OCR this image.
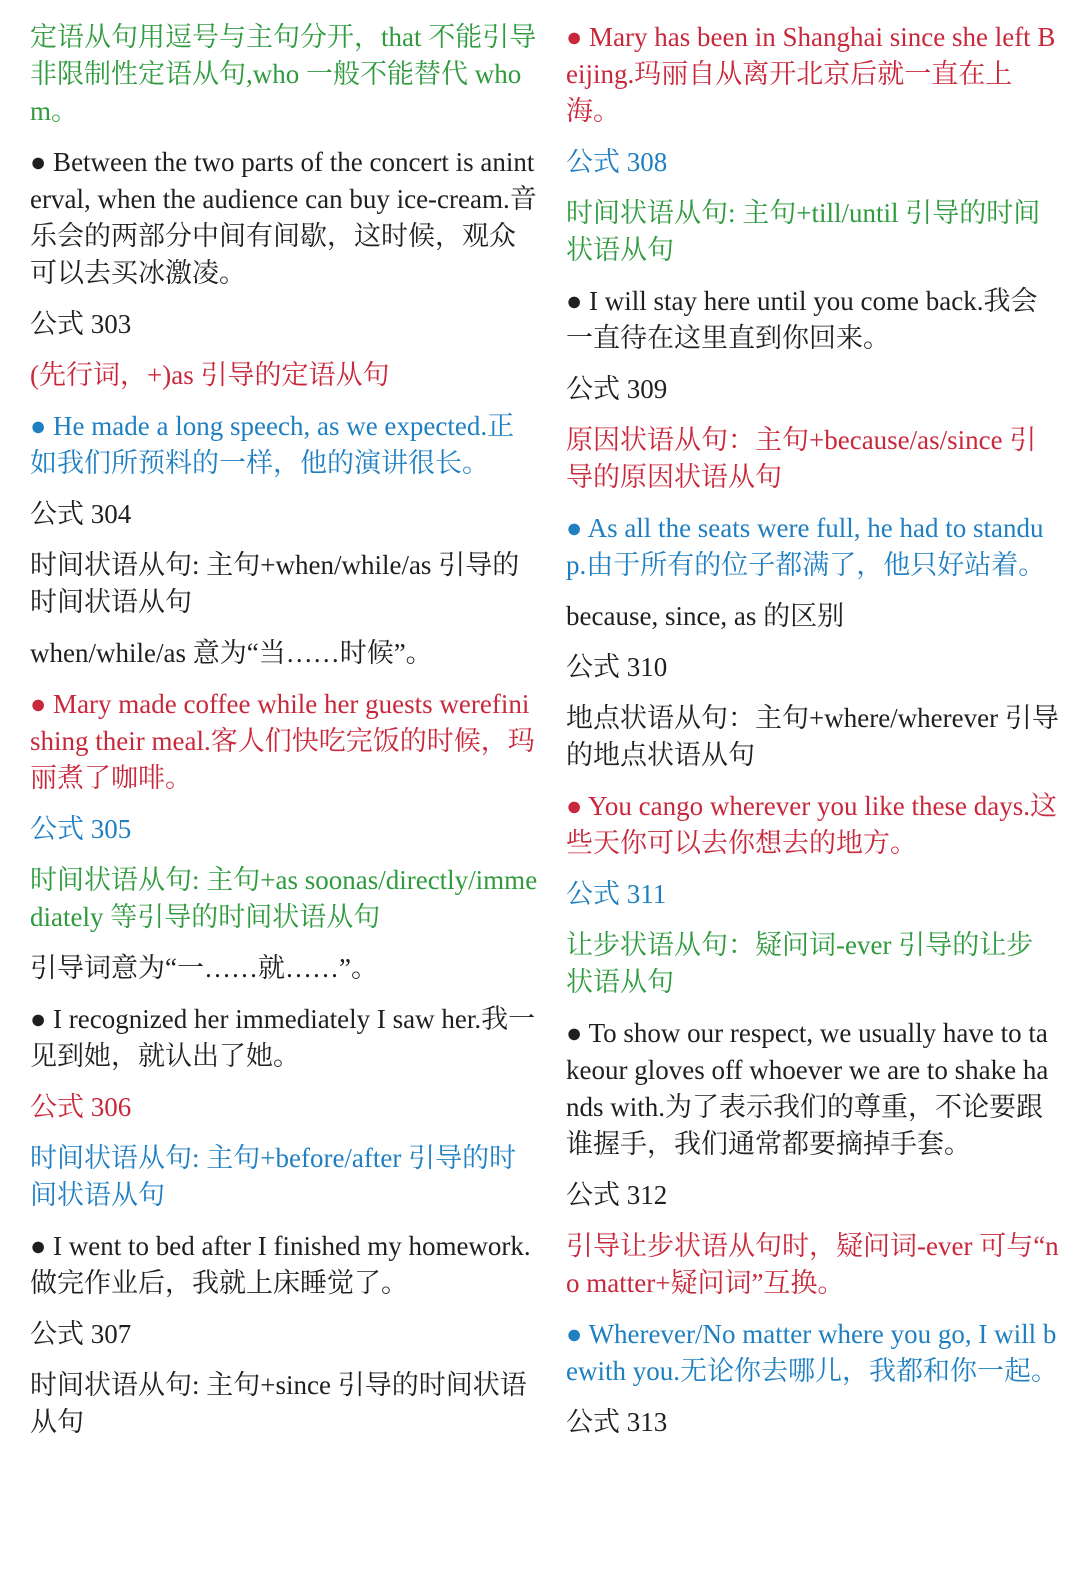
定语从句用逗号与主句分开，that 不能引导非限制性定语从句,who 一般不能替代 whom。

● Between the two parts of the concert is aninterval, when the audience can buy ice-cream.音乐会的两部分中间有间歇，这时候，观众可以去买冰激凌。

公式 303

(先行词，+)as 引导的定语从句

● He made a long speech, as we expected.正如我们所预料的一样，他的演讲很长。

公式 304

时间状语从句: 主句+when/while/as 引导的时间状语从句

when/while/as 意为“当……时候”。

● Mary made coffee while her guests werefinishing their meal.客人们快吃完饭的时候，玛丽煮了咖啡。

公式 305

时间状语从句: 主句+as soonas/directly/immediately 等引导的时间状语从句

引导词意为“一……就……”。

● I recognized her immediately I saw her.我一见到她，就认出了她。

公式 306

时间状语从句: 主句+before/after 引导的时间状语从句

● I went to bed after I finished my homework.做完作业后，我就上床睡觉了。

公式 307

时间状语从句: 主句+since 引导的时间状语从句

● Mary has been in Shanghai since she left Beijing.玛丽自从离开北京后就一直在上海。

公式 308

时间状语从句: 主句+till/until 引导的时间状语从句

● I will stay here until you come back.我会一直待在这里直到你回来。

公式 309

原因状语从句：主句+because/as/since 引导的原因状语从句

● As all the seats were full, he had to standup.由于所有的位子都满了，他只好站着。

because, since, as 的区别

公式 310

地点状语从句：主句+where/wherever 引导的地点状语从句

● You cango wherever you like these days.这些天你可以去你想去的地方。

公式 311

让步状语从句：疑问词-ever 引导的让步状语从句

● To show our respect, we usually have to takeour gloves off whoever we are to shake hands with.为了表示我们的尊重，不论要跟谁握手，我们通常都要摘掉手套。

公式 312

引导让步状语从句时，疑问词-ever 可与“no matter+疑问词”互换。

● Wherever/No matter where you go, I will bewith you.无论你去哪儿，我都和你一起。

公式 313
